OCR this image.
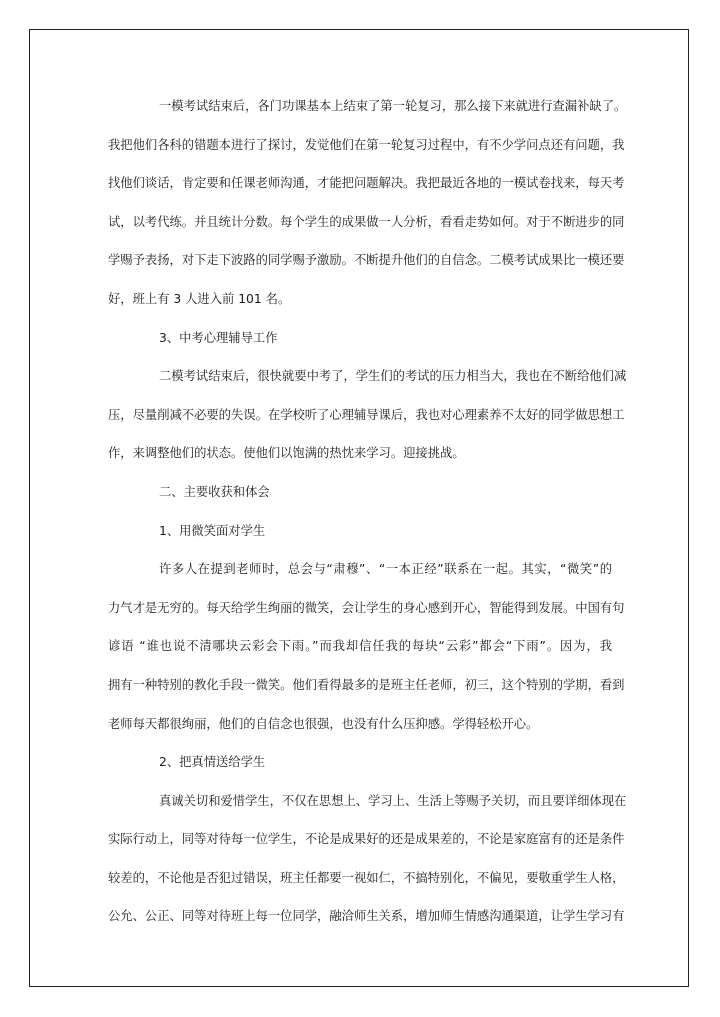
一模考试结束后，各门功课基本上结束了第一轮复习，那么接下来就进行查漏补缺了。
我把他们各科的错题本进行了探讨，发觉他们在第一轮复习过程中，有不少学问点还有问题，我
找他们谈话，肯定要和任课老师沟通，才能把问题解决。我把最近各地的一模试卷找来，每天考
试，以考代练。并且统计分数。每个学生的成果做一人分析，看看走势如何。对于不断进步的同
学赐予表扬，对下走下波路的同学赐予激励。不断提升他们的自信念。二模考试成果比一模还要
好，班上有 3 人进入前 101 名。
3、中考心理辅导工作
二模考试结束后，很快就要中考了，学生们的考试的压力相当大，我也在不断给他们减
压，尽量削减不必要的失误。在学校听了心理辅导课后，我也对心理素养不太好的同学做思想工
作，来调整他们的状态。使他们以饱满的热忱来学习。迎接挑战。
二、主要收获和体会
1、用微笑面对学生
许多人在提到老师时，总会与“肃穆”、“一本正经”联系在一起。其实，“微笑”的
力气才是无穷的。每天给学生绚丽的微笑，会让学生的身心感到开心，智能得到发展。中国有句
谚语 “谁也说不清哪块云彩会下雨。”而我却信任我的每块“云彩”都会“下雨”。因为，我
拥有一种特别的教化手段一微笑。他们看得最多的是班主任老师，初三，这个特别的学期，看到
老师每天都很绚丽，他们的自信念也很强，也没有什么压抑感。学得轻松开心。
2、把真情送给学生
真诚关切和爱惜学生，不仅在思想上、学习上、生活上等赐予关切，而且要详细体现在
实际行动上，同等对待每一位学生，不论是成果好的还是成果差的，不论是家庭富有的还是条件
较差的，不论他是否犯过错误，班主任都要一视如仁，不搞特别化，不偏见，要敬重学生人格，
公允、公正、同等对待班上每一位同学，融洽师生关系，增加师生情感沟通渠道，让学生学习有
